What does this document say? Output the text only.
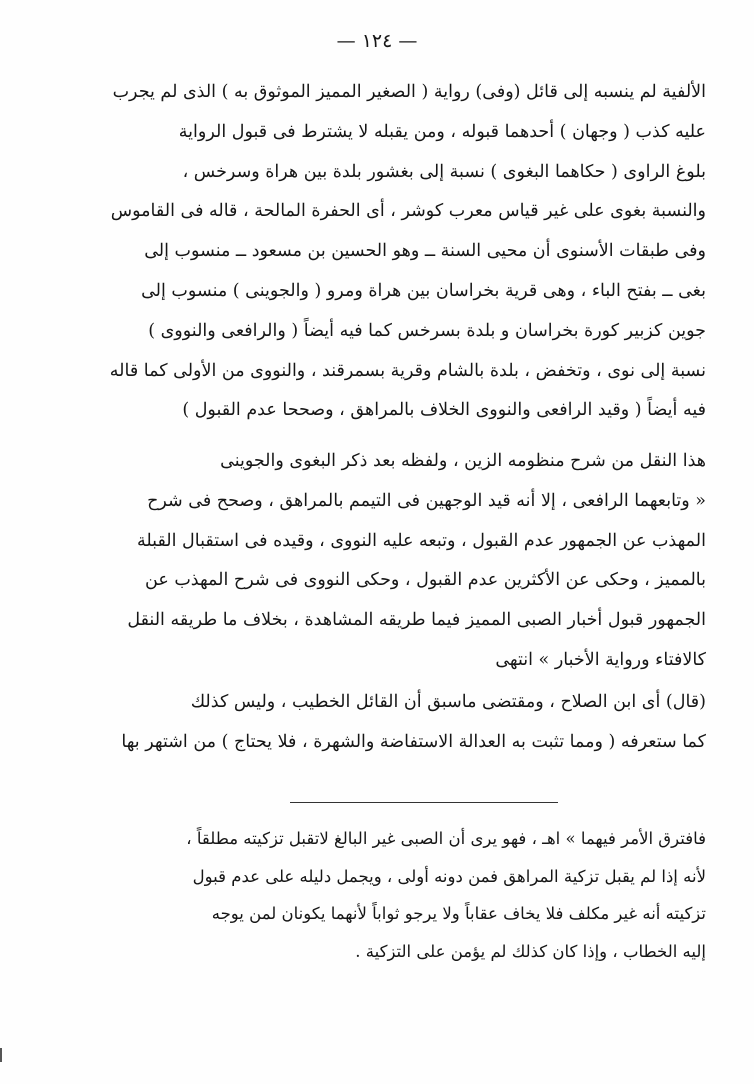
— ١٢٤ —
الألفية لم ينسبه إلى قائل (وفى) رواية ( الصغير المميز الموثوق به ) الذى لم يجرب
عليه كذب ( وجهان ) أحدهما قبوله ، ومن يقبله لا يشترط فى قبول الرواية
بلوغ الراوى ( حكاهما البغوى ) نسبة إلى بغشور بلدة بين هراة وسرخس ،
والنسبة بغوى على غير قياس معرب كوشر ، أى الحفرة المالحة ، قاله فى القاموس
وفى طبقات الأسنوى أن محيى السنة ــ وهو الحسين بن مسعود ــ منسوب إلى
بغى ــ بفتح الباء ، وهى قرية بخراسان بين هراة ومرو ( والجوينى ) منسوب إلى
جوين كزبير كورة بخراسان و بلدة بسرخس كما فيه أيضاً ( والرافعى والنووى )
نسبة إلى نوى ، وتخفض ، بلدة بالشام وقرية بسمرقند ، والنووى من الأولى كما قاله
فيه أيضاً ( وقيد الرافعى والنووى الخلاف بالمراهق ، وصححا عدم القبول )
هذا النقل من شرح منظومه الزين ، ولفظه بعد ذكر البغوى والجوينى
« وتابعهما الرافعى ، إلا أنه قيد الوجهين فى التيمم بالمراهق ، وصحح فى شرح
المهذب عن الجمهور عدم القبول ، وتبعه عليه النووى ، وقيده فى استقبال القبلة
بالمميز ، وحكى عن الأكثرين عدم القبول ، وحكى النووى فى شرح المهذب عن
الجمهور قبول أخبار الصبى المميز فيما طريقه المشاهدة ، بخلاف ما طريقه النقل
كالافتاء ورواية الأخبار » انتهى
(قال) أى ابن الصلاح ، ومقتضى ماسبق أن القائل الخطيب ، وليس كذلك
كما ستعرفه ( ومما تثبت به العدالة الاستفاضة والشهرة ، فلا يحتاج ) من اشتهر بها
فافترق الأمر فيهما » اهـ ، فهو يرى أن الصبى غير البالغ لاتقبل تزكيته مطلقاً ،
لأنه إذا لم يقبل تزكية المراهق فمن دونه أولى ، ويجمل دليله على عدم قبول
تزكيته أنه غير مكلف فلا يخاف عقاباً ولا يرجو ثواباً لأنهما يكونان لمن يوجه
إليه الخطاب ، وإذا كان كذلك لم يؤمن على التزكية .
